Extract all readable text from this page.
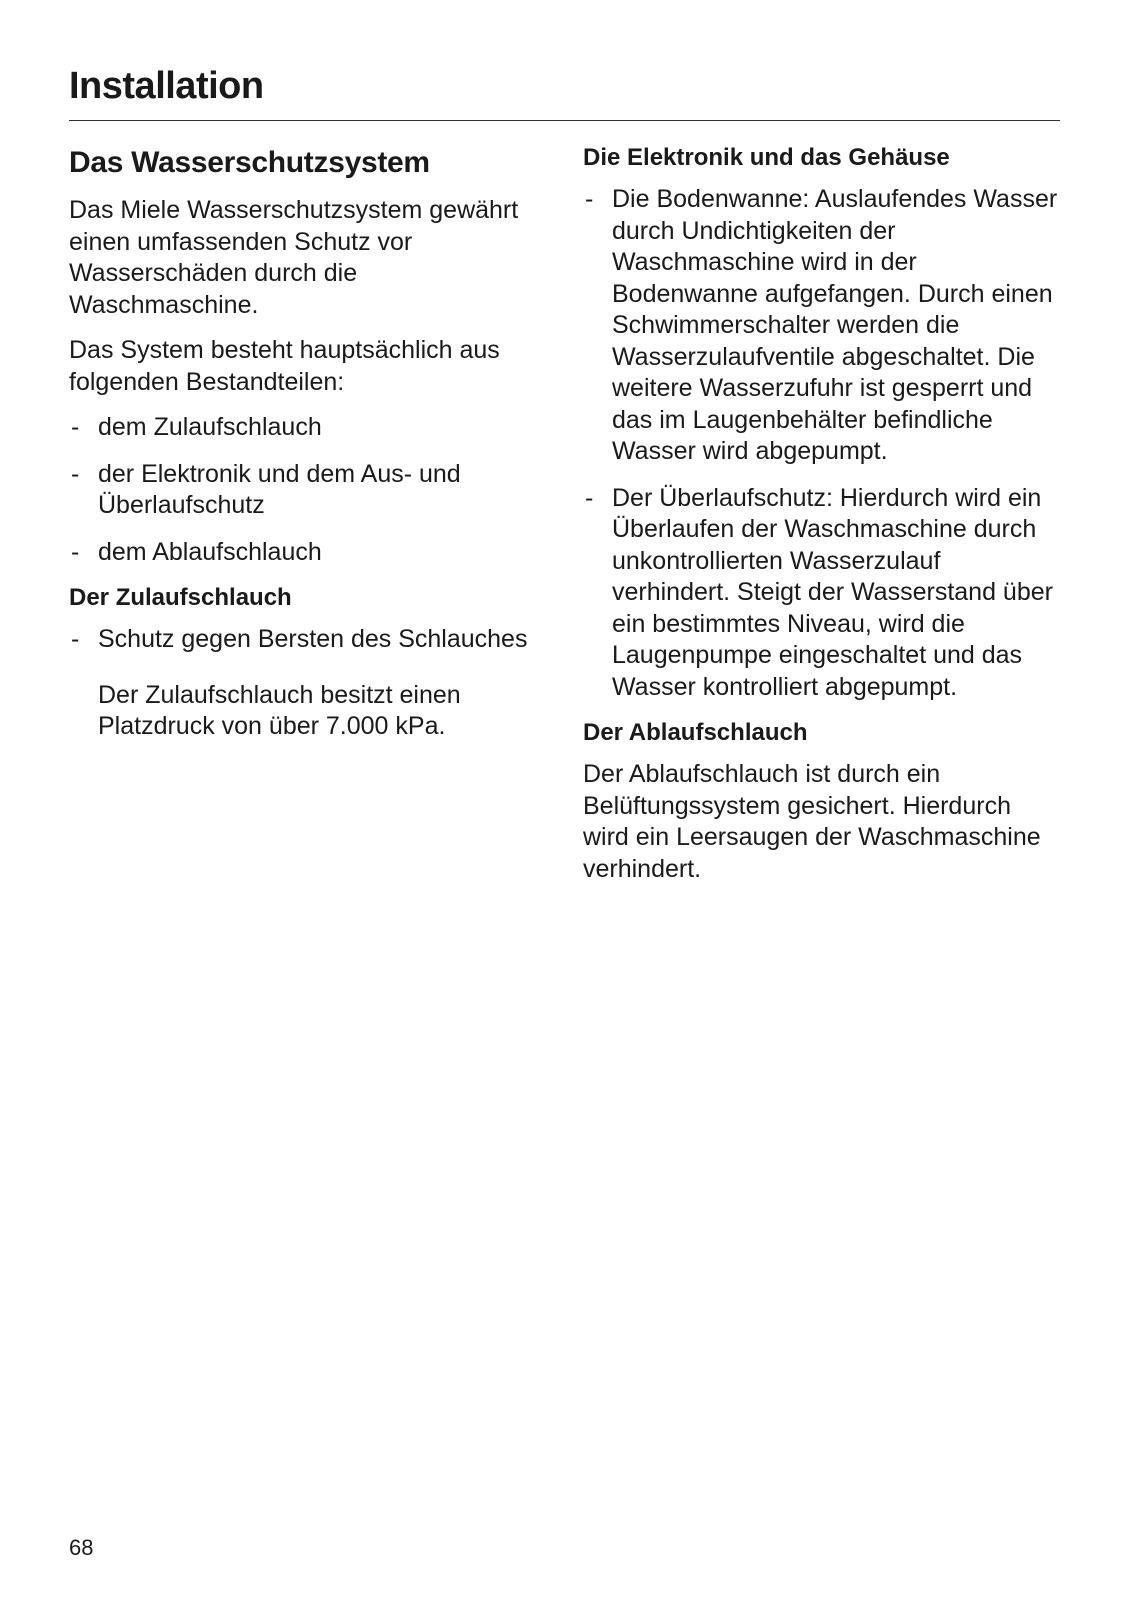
Installation
Das Wasserschutzsystem

Das Miele Wasserschutzsystem gewährt einen umfassenden Schutz vor Wasserschäden durch die Waschmaschine.

Das System besteht hauptsächlich aus folgenden Bestandteilen:

- dem Zulaufschlauch
- der Elektronik und dem Aus- und Überlaufschutz
- dem Ablaufschlauch
Der Zulaufschlauch
- Schutz gegen Bersten des Schlauches

Der Zulaufschlauch besitzt einen Platzdruck von über 7.000 kPa.

Die Elektronik und das Gehäuse
- Die Bodenwanne: Auslaufendes Wasser durch Undichtigkeiten der Waschmaschine wird in der Bodenwanne aufgefangen. Durch einen Schwimmerschalter werden die Wasserzulaufventile abgeschaltet. Die weitere Wasserzufuhr ist gesperrt und das im Laugenbehälter befindliche Wasser wird abgepumpt.
- Der Überlaufschutz: Hierdurch wird ein Überlaufen der Waschmaschine durch unkontrollierten Wasserzulauf verhindert. Steigt der Wasserstand über ein bestimmtes Niveau, wird die Laugenpumpe eingeschaltet und das Wasser kontrolliert abgepumpt.
Der Ablaufschlauch

Der Ablaufschlauch ist durch ein Belüftungssystem gesichert. Hierdurch wird ein Leersaugen der Waschmaschine verhindert.

68
